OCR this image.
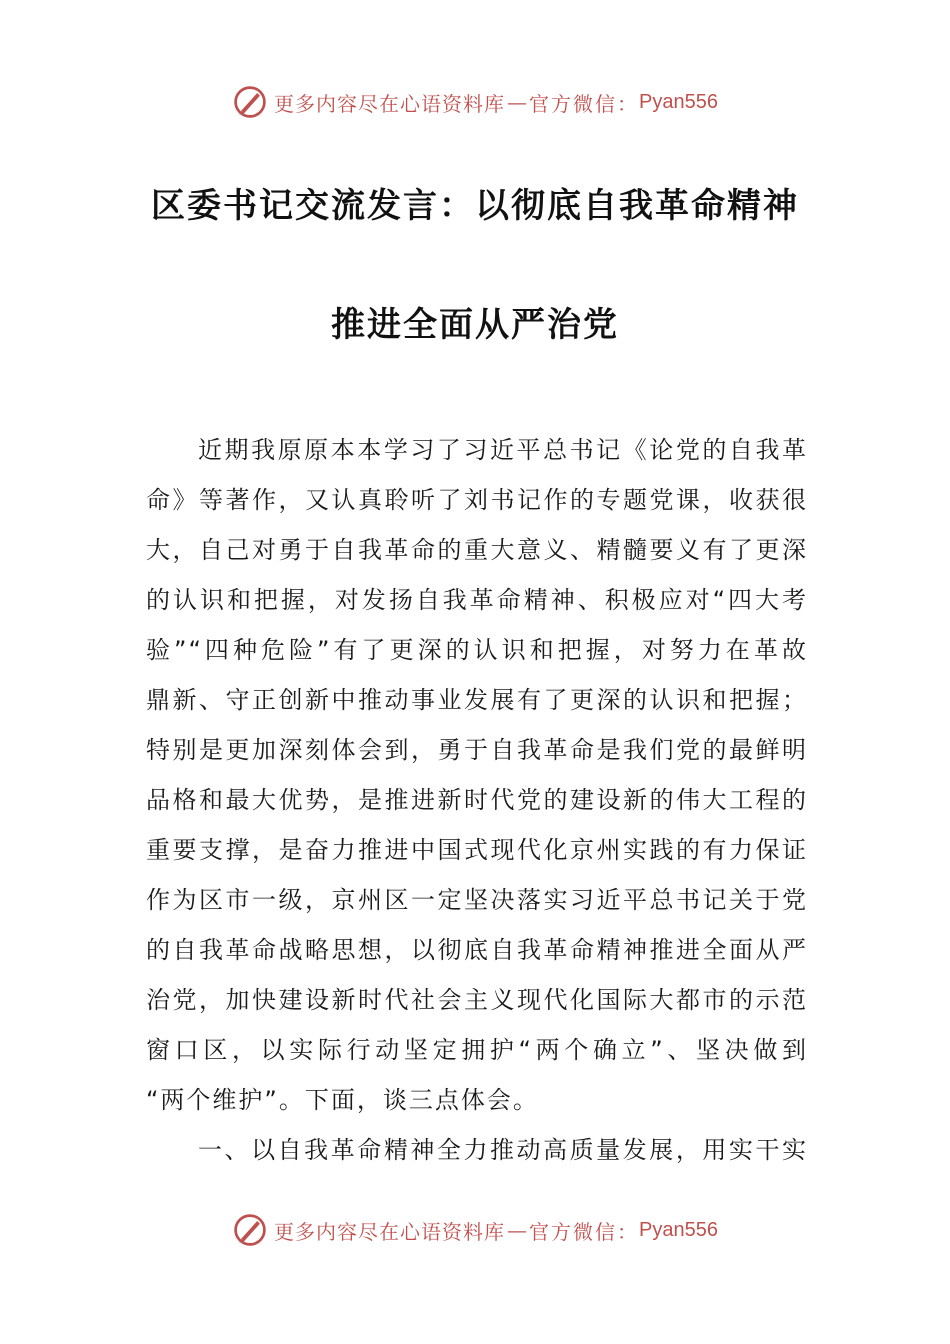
更多内容尽在心语资料库 — 官方微信： Pyan556
区委书记交流发言：以彻底自我革命精神
推进全面从严治党
近期我原原本本学习了习近平总书记《论党的自我革
命》等著作，又认真聆听了刘书记作的专题党课，收获很
大，自己对勇于自我革命的重大意义、精髓要义有了更深
的认识和把握，对发扬自我革命精神、积极应对“四大考
验”“四种危险”有了更深的认识和把握，对努力在革故
鼎新、守正创新中推动事业发展有了更深的认识和把握；
特别是更加深刻体会到，勇于自我革命是我们党的最鲜明
品格和最大优势，是推进新时代党的建设新的伟大工程的
重要支撑，是奋力推进中国式现代化京州实践的有力保证
作为区市一级，京州区一定坚决落实习近平总书记关于党
的自我革命战略思想，以彻底自我革命精神推进全面从严
治党，加快建设新时代社会主义现代化国际大都市的示范
窗口区，以实际行动坚定拥护“两个确立”、坚决做到
“两个维护”。下面，谈三点体会。
一、以自我革命精神全力推动高质量发展，用实干实
更多内容尽在心语资料库 — 官方微信： Pyan556
